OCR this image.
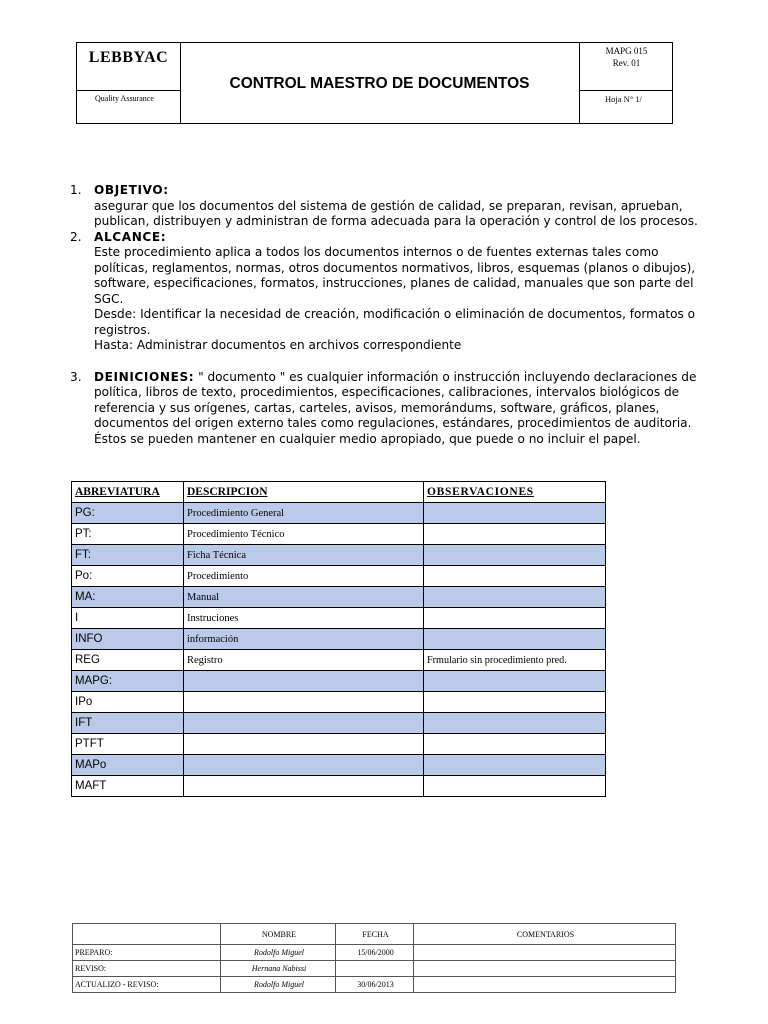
LEBBYAC
Quality Assurance
CONTROL MAESTRO DE DOCUMENTOS
MAPG 015
Rev. 01
Hoja N° 1/
1. OBJETIVO:
asegurar que los documentos del sistema de gestión de calidad, se preparan, revisan, aprueban,
publican, distribuyen y administran de forma adecuada para la operación y control de los procesos.
2. ALCANCE:
Este procedimiento aplica a todos los documentos internos o de fuentes externas tales como
políticas, reglamentos, normas, otros documentos normativos, libros, esquemas (planos o dibujos),
software, especificaciones, formatos, instrucciones, planes de calidad, manuales que son parte del
SGC.
Desde: Identificar la necesidad de creación, modificación o eliminación de documentos, formatos o
registros.
Hasta: Administrar documentos en archivos correspondiente
3. DEINICIONES: " documento " es cualquier información o instrucción incluyendo declaraciones de
política, libros de texto, procedimientos, especificaciones, calibraciones, intervalos biológicos de
referencia y sus orígenes, cartas, carteles, avisos, memorándums, software, gráficos, planes,
documentos del origen externo tales como regulaciones, estándares, procedimientos de auditoria.
Éstos se pueden mantener en cualquier medio apropiado, que puede o no incluir el papel.
ABREVIATURA	DESCRIPCION	OBSERVACIONES
PG:	Procedimiento General	
PT:	Procedimiento Técnico	
FT:	Ficha Técnica	
Po:	Procedimiento	
MA:	Manual	
I	Instruciones	
INFO	información	
REG	Registro	Frmulario sin procedimiento pred.
MAPG:		
IPo		
IFT		
PTFT		
MAPo		
MAFT		
	NOMBRE	FECHA	COMENTARIOS
PREPARO:	Rodolfo Miguel	15/06/2000	
REVISO:	Hernana Nabissi		
ACTUALIZO - REVISO:	Rodolfo Miguel	30/06/2013	
